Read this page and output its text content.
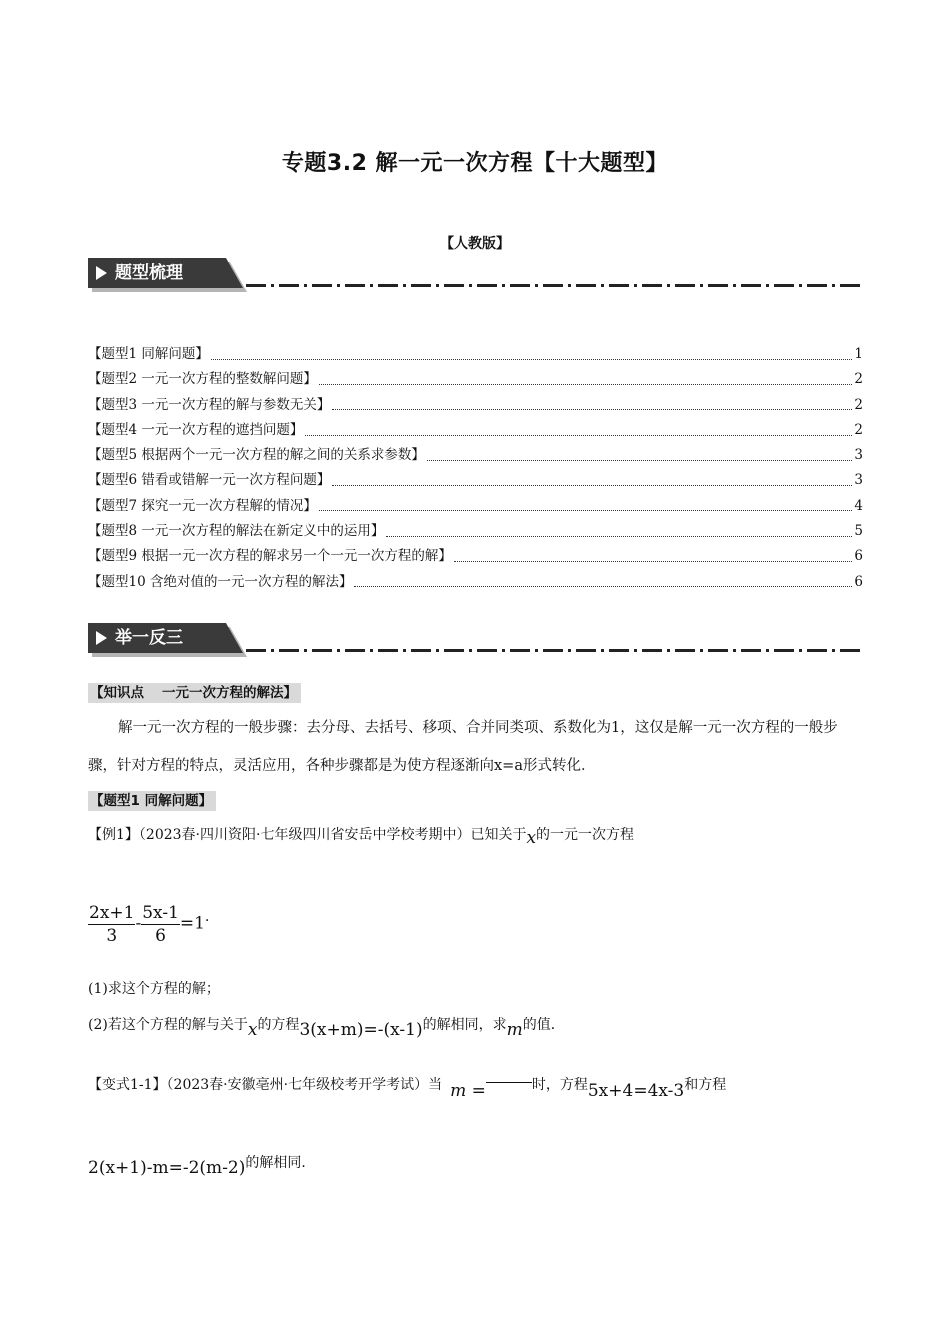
专题3.2 解一元一次方程【十大题型】
【人教版】
题型梳理
【题型1 同解问题】	1
【题型2 一元一次方程的整数解问题】	2
【题型3 一元一次方程的解与参数无关】	2
【题型4 一元一次方程的遮挡问题】	2
【题型5 根据两个一元一次方程的解之间的关系求参数】	3
【题型6 错看或错解一元一次方程问题】	3
【题型7 探究一元一次方程解的情况】	4
【题型8 一元一次方程的解法在新定义中的运用】	5
【题型9 根据一元一次方程的解求另一个一元一次方程的解】	6
【题型10 含绝对值的一元一次方程的解法】	6
举一反三
【知识点 一元一次方程的解法】
解一元一次方程的一般步骤：去分母、去括号、移项、合并同类项、系数化为1，这仅是解一元一次方程的一般步骤，针对方程的特点，灵活应用，各种步骤都是为使方程逐渐向x=a形式转化．
【题型1 同解问题】
【例1】（2023春·四川资阳·七年级四川省安岳中学校考期中）已知关于x的一元一次方程
$\frac{2x+1}{3} - \frac{5x-1}{6} =1$．
(1)求这个方程的解；
(2)若这个方程的解与关于x的方程3(x+m)=-(x-1)的解相同，求m的值．
【变式1-1】（2023春·安徽亳州·七年级校考开学考试）当 m =	时，方程5x+4=4x-3和方程
2(x+1)-m=-2(m-2)的解相同．
